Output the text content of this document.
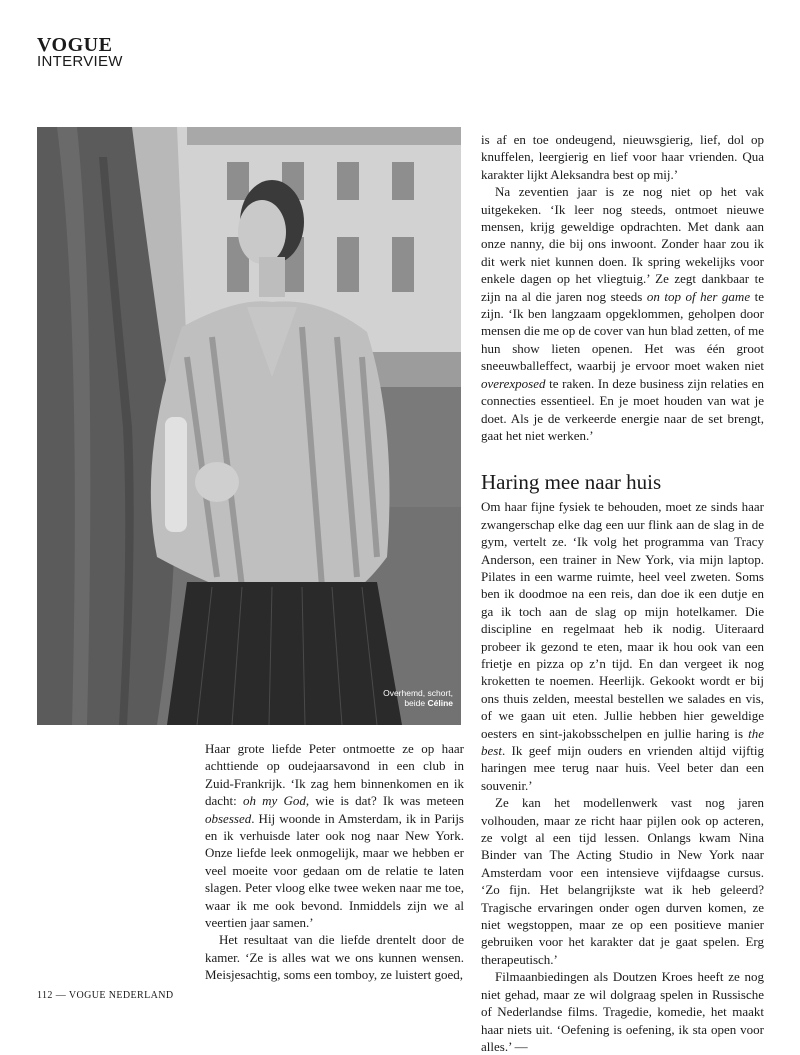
VOGUE
INTERVIEW
Overhemd, schort,
beide Céline

Haar grote liefde Peter ontmoette ze op haar achttiende op oudejaarsavond in een club in Zuid-Frankrijk. ‘Ik zag hem binnenkomen en ik dacht: oh my God, wie is dat? Ik was meteen obsessed. Hij woonde in Amsterdam, ik in Parijs en ik verhuisde later ook nog naar New York. Onze liefde leek onmogelijk, maar we hebben er veel moeite voor gedaan om de relatie te laten slagen. Peter vloog elke twee weken naar me toe, waar ik me ook bevond. Inmiddels zijn we al veertien jaar samen.’

Het resultaat van die liefde drentelt door de kamer. ‘Ze is alles wat we ons kunnen wensen. Meisjesachtig, soms een tomboy, ze luistert goed,

is af en toe ondeugend, nieuwsgierig, lief, dol op knuffelen, leergierig en lief voor haar vrienden. Qua karakter lijkt Aleksandra best op mij.’

Na zeventien jaar is ze nog niet op het vak uitgekeken. ‘Ik leer nog steeds, ontmoet nieuwe mensen, krijg geweldige opdrachten. Met dank aan onze nanny, die bij ons inwoont. Zonder haar zou ik dit werk niet kunnen doen. Ik spring wekelijks voor enkele dagen op het vliegtuig.’ Ze zegt dankbaar te zijn na al die jaren nog steeds on top of her game te zijn. ‘Ik ben langzaam opgeklommen, geholpen door mensen die me op de cover van hun blad zetten, of me hun show lieten openen. Het was één groot sneeuwballeffect, waarbij je ervoor moet waken niet overexposed te raken. In deze business zijn relaties en connecties essentieel. En je moet houden van wat je doet. Als je de verkeerde energie naar de set brengt, gaat het niet werken.’

Haring mee naar huis

Om haar fijne fysiek te behouden, moet ze sinds haar zwangerschap elke dag een uur flink aan de slag in de gym, vertelt ze. ‘Ik volg het programma van Tracy Anderson, een trainer in New York, via mijn laptop. Pilates in een warme ruimte, heel veel zweten. Soms ben ik doodmoe na een reis, dan doe ik een dutje en ga ik toch aan de slag op mijn hotelkamer. Die discipline en regelmaat heb ik nodig. Uiteraard probeer ik gezond te eten, maar ik hou ook van een frietje en pizza op z’n tijd. En dan vergeet ik nog kroketten te noemen. Heerlijk. Gekookt wordt er bij ons thuis zelden, meestal bestellen we salades en vis, of we gaan uit eten. Jullie hebben hier geweldige oesters en sint-jakobsschelpen en jullie haring is the best. Ik geef mijn ouders en vrienden altijd vijftig haringen mee terug naar huis. Veel beter dan een souvenir.’

Ze kan het modellenwerk vast nog jaren volhouden, maar ze richt haar pijlen ook op acteren, ze volgt al een tijd lessen. Onlangs kwam Nina Binder van The Acting Studio in New York naar Amsterdam voor een intensieve vijfdaagse cursus. ‘Zo fijn. Het belangrijkste wat ik heb geleerd? Tragische ervaringen onder ogen durven komen, ze niet wegstoppen, maar ze op een positieve manier gebruiken voor het karakter dat je gaat spelen. Erg therapeutisch.’

Filmaanbiedingen als Doutzen Kroes heeft ze nog niet gehad, maar ze wil dolgraag spelen in Russische of Nederlandse films. Tragedie, komedie, het maakt haar niets uit. ‘Oefening is oefening, ik sta open voor alles.’ —

112 — VOGUE NEDERLAND
